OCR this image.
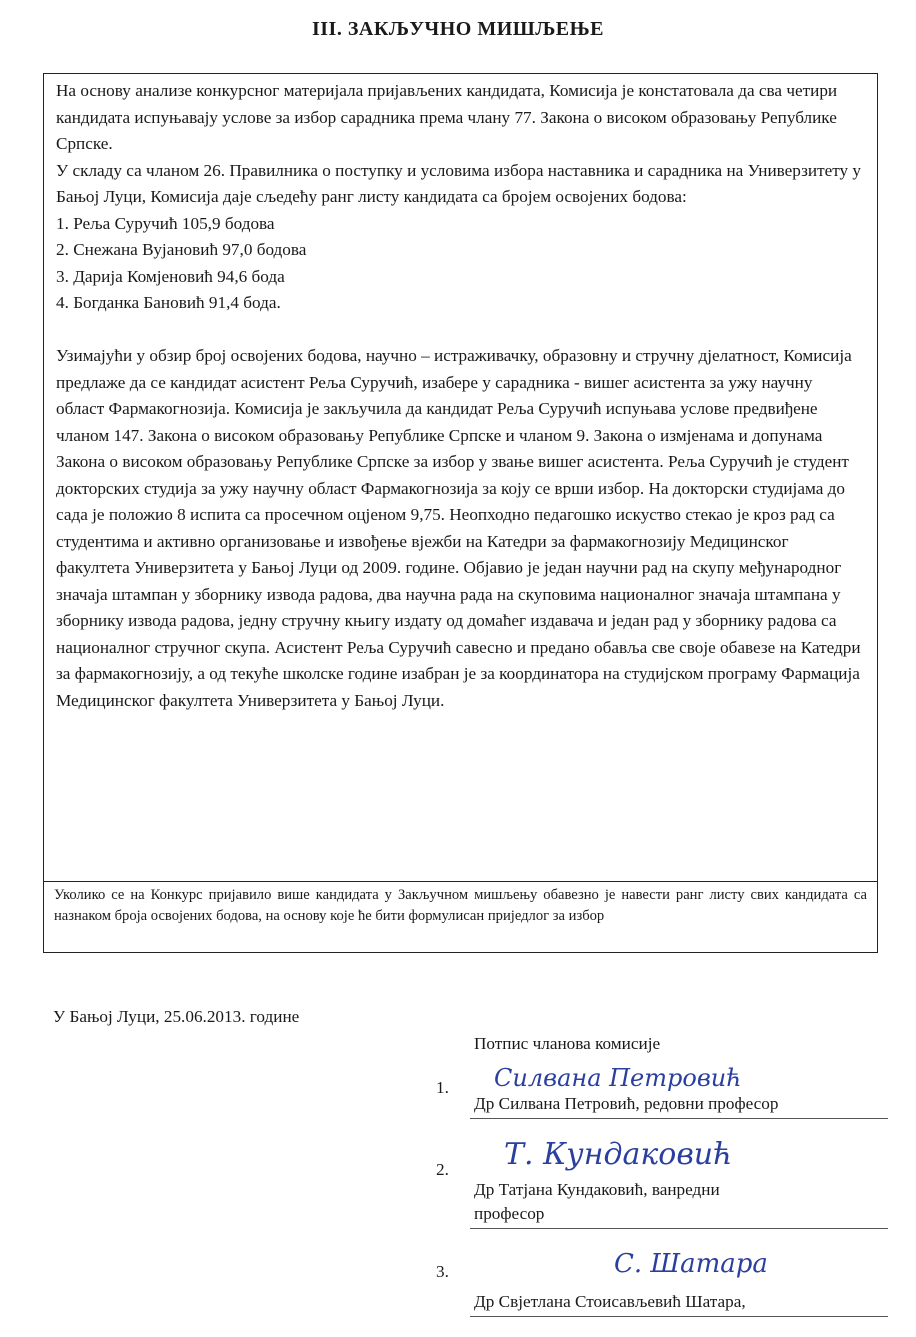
III. ЗАКЉУЧНО МИШЉЕЊЕ

На основу анализе конкурсног материјала пријављених кандидата, Комисија је констатовала да сва четири кандидата испуњавају услове за избор сарадника према члану 77. Закона о високом образовању Републике Српске.

У складу са чланом 26. Правилника о поступку и условима избора наставника и сарадника на Универзитету у Бањој Луци, Комисија даје сљедећу ранг листу кандидата са бројем освојених бодова:

1. Реља Суручић 105,9 бодова

2. Снежана Вујановић 97,0 бодова

3. Дарија Комјеновић 94,6 бода

4. Богданка Бановић 91,4 бода.

Узимајући у обзир број освојених бодова, научно – истраживачку, образовну и стручну дјелатност, Комисија предлаже да се кандидат асистент Реља Суручић, изабере у сарадника - вишег асистента за ужу научну област Фармакогнозија. Комисија је закључила да кандидат Реља Суручић испуњава услове предвиђене чланом 147. Закона о високом образовању Републике Српске и чланом 9. Закона о измјенама и допунама Закона о високом образовању Републике Српске за избор у звање вишег асистента. Реља Суручић је студент докторских студија за ужу научну област Фармакогнозија за коју се врши избор. На докторски студијама до сада је положио 8 испита са просечном оцјеном 9,75. Неопходно педагошко искуство стекао је кроз рад са студентима и активно организовање и извођење вјежби на Катедри за фармакогнозију Медицинског факултета Универзитета у Бањој Луци од 2009. године. Објавио је један научни рад на скупу међународног значаја штампан у зборнику извода радова, два научна рада на скуповима националног значаја штампана у зборнику извода радова, једну стручну књигу издату од домаћег издавача и један рад у зборнику радова са националног стручног скупа. Асистент Реља Суручић савесно и предано обавља све своје обавезе на Катедри за фармакогнозију, а од текуће школске године изабран је за координатора на студијском програму Фармација Медицинског факултета Универзитета у Бањој Луци.

Уколико се на Конкурс пријавило више кандидата у Закључном мишљењу обавезно је навести ранг листу свих кандидата са назнаком броја освојених бодова, на основу које ће бити формулисан приједлог за избор
У Бањој Луци, 25.06.2013. године
Потпис чланова комисије
1. Силвана Петровић
Др Силвана Петровић, редовни професор
2. Т. Кундаковић
Др Татјана Кундаковић, ванредни
професор
3.	С. Шатара
Др Свјетлана Стоисављевић Шатара,
